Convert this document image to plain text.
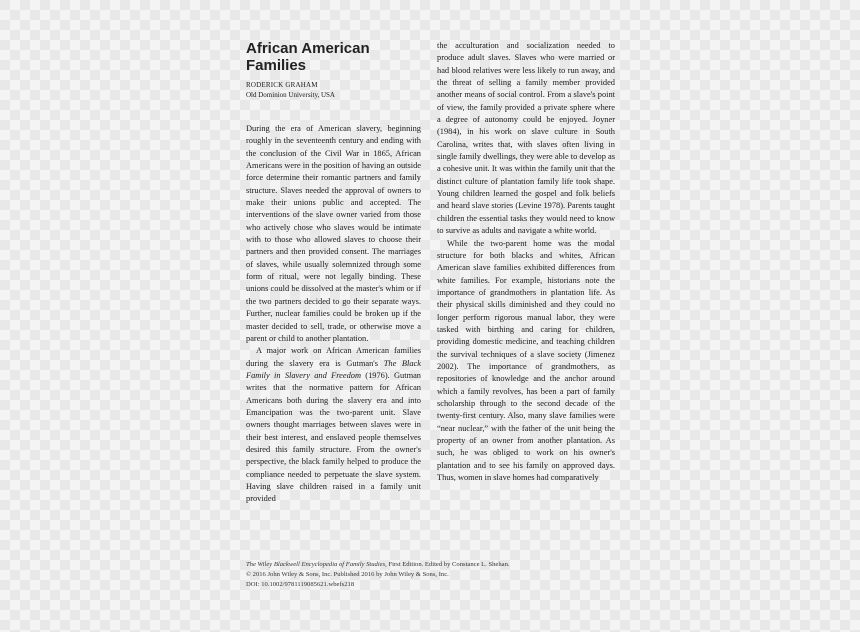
African American
Families
RODERICK GRAHAM
Old Dominion University, USA

During the era of American slavery, beginning roughly in the seventeenth century and ending with the conclusion of the Civil War in 1865, African Americans were in the position of having an outside force determine their romantic partners and family structure. Slaves needed the approval of owners to make their unions public and accepted. The interventions of the slave owner varied from those who actively chose who slaves would be intimate with to those who allowed slaves to choose their partners and then provided consent. The marriages of slaves, while usually solemnized through some form of ritual, were not legally binding. These unions could be dissolved at the master's whim or if the two partners decided to go their separate ways. Further, nuclear families could be broken up if the master decided to sell, trade, or otherwise move a parent or child to another plantation.

A major work on African American families during the slavery era is Gutman's The Black Family in Slavery and Freedom (1976). Gutman writes that the normative pattern for African Americans both during the slavery era and into Emancipation was the two-parent unit. Slave owners thought marriages between slaves were in their best interest, and enslaved people themselves desired this family structure. From the owner's perspective, the black family helped to produce the compliance needed to perpetuate the slave system. Having slave children raised in a family unit provided

the acculturation and socialization needed to produce adult slaves. Slaves who were married or had blood relatives were less likely to run away, and the threat of selling a family member provided another means of social control. From a slave's point of view, the family provided a private sphere where a degree of autonomy could be enjoyed. Joyner (1984), in his work on slave culture in South Carolina, writes that, with slaves often living in single family dwellings, they were able to develop as a cohesive unit. It was within the family unit that the distinct culture of plantation family life took shape. Young children learned the gospel and folk beliefs and heard slave stories (Levine 1978). Parents taught children the essential tasks they would need to know to survive as adults and navigate a white world.

While the two-parent home was the modal structure for both blacks and whites, African American slave families exhibited differences from white families. For example, historians note the importance of grandmothers in plantation life. As their physical skills diminished and they could no longer perform rigorous manual labor, they were tasked with birthing and caring for children, providing domestic medicine, and teaching children the survival techniques of a slave society (Jimenez 2002). The importance of grandmothers, as repositories of knowledge and the anchor around which a family revolves, has been a part of family scholarship through to the second decade of the twenty-first century. Also, many slave families were “near nuclear,” with the father of the unit being the property of an owner from another plantation. As such, he was obliged to work on his owner's plantation and to see his family on approved days. Thus, women in slave homes had comparatively

The Wiley Blackwell Encyclopedia of Family Studies, First Edition. Edited by Constance L. Shehan.
© 2016 John Wiley & Sons, Inc. Published 2016 by John Wiley & Sons, Inc.
DOI: 10.1002/9781119085621.wbefs218
